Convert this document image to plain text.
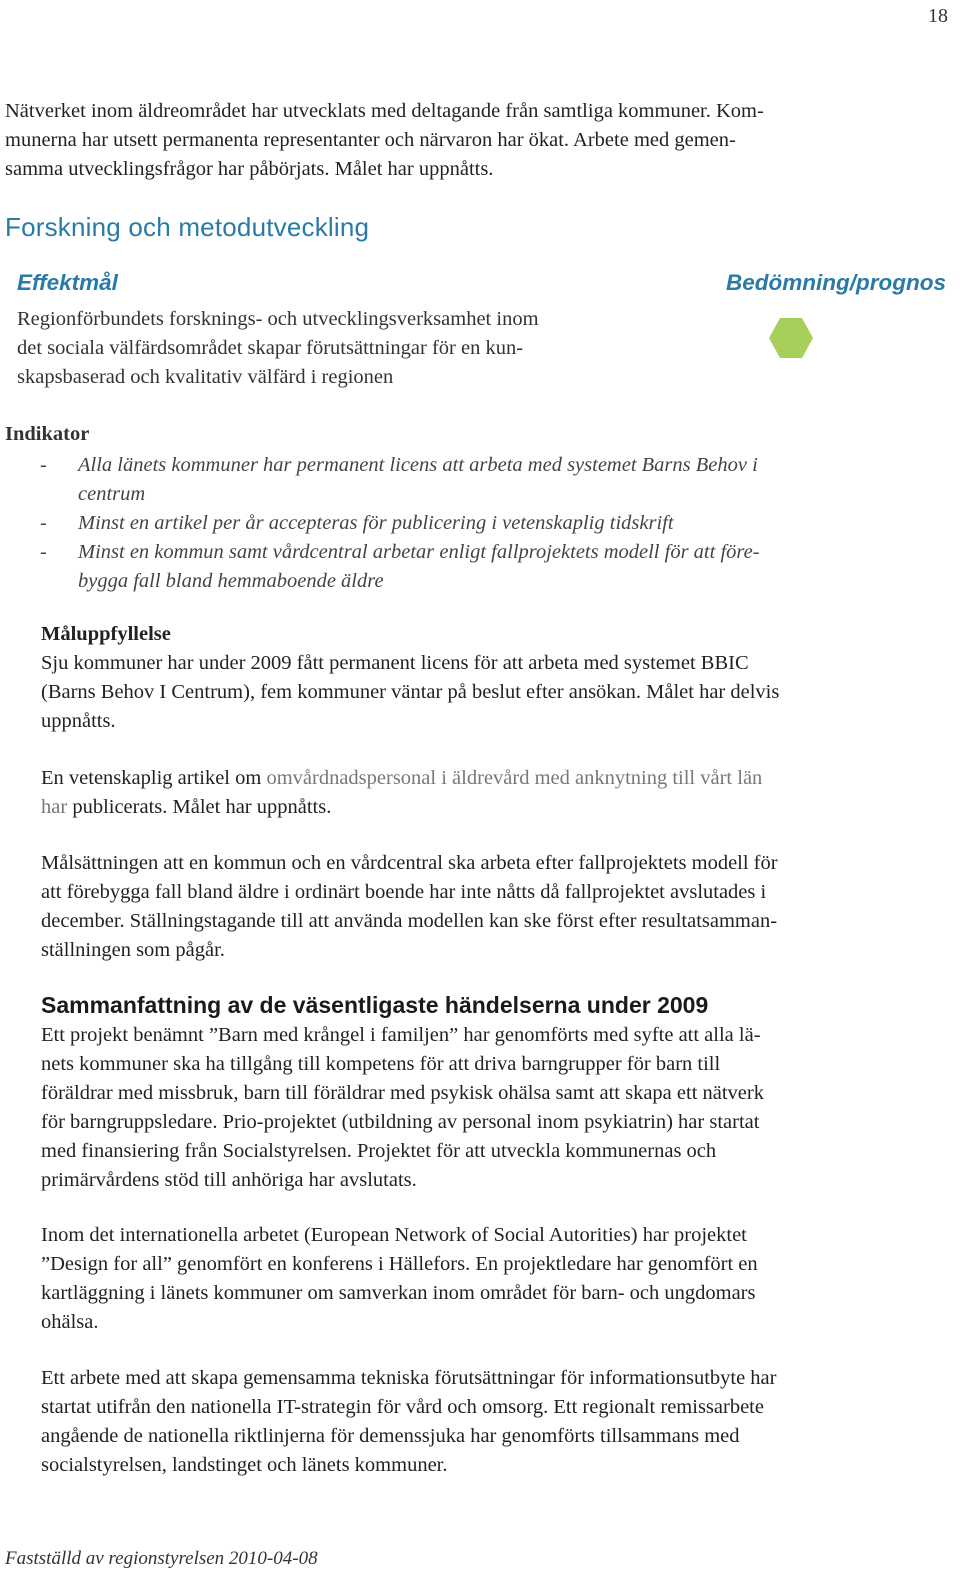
18
Nätverket inom äldreområdet har utvecklats med deltagande från samtliga kommuner. Kom-
munerna har utsett permanenta representanter och närvaron har ökat. Arbete med gemen-
samma utvecklingsfrågor har påbörjats. Målet har uppnåtts.
Forskning och metodutveckling
Effektmål	Bedömning/prognos
Regionförbundets forsknings- och utvecklingsverksamhet inom
det sociala välfärdsområdet skapar förutsättningar för en kun-
skapsbaserad och kvalitativ välfärd i regionen
Indikator
- Alla länets kommuner har permanent licens att arbeta med systemet Barns Behov i
centrum
- Minst en artikel per år accepteras för publicering i vetenskaplig tidskrift
- Minst en kommun samt vårdcentral arbetar enligt fallprojektets modell för att före-
bygga fall bland hemmaboende äldre
Måluppfyllelse
Sju kommuner har under 2009 fått permanent licens för att arbeta med systemet BBIC
(Barns Behov I Centrum), fem kommuner väntar på beslut efter ansökan. Målet har delvis
uppnåtts.
En vetenskaplig artikel om omvårdnadspersonal i äldrevård med anknytning till vårt län
har publicerats. Målet har uppnåtts.
Målsättningen att en kommun och en vårdcentral ska arbeta efter fallprojektets modell för
att förebygga fall bland äldre i ordinärt boende har inte nåtts då fallprojektet avslutades i
december. Ställningstagande till att använda modellen kan ske först efter resultatsamman-
ställningen som pågår.
Sammanfattning av de väsentligaste händelserna under 2009
Ett projekt benämnt ”Barn med krångel i familjen” har genomförts med syfte att alla lä-
nets kommuner ska ha tillgång till kompetens för att driva barngrupper för barn till
föräldrar med missbruk, barn till föräldrar med psykisk ohälsa samt att skapa ett nätverk
för barngruppsledare. Prio-projektet (utbildning av personal inom psykiatrin) har startat
med finansiering från Socialstyrelsen. Projektet för att utveckla kommunernas och
primärvårdens stöd till anhöriga har avslutats.
Inom det internationella arbetet (European Network of Social Autorities) har projektet
”Design for all” genomfört en konferens i Hällefors. En projektledare har genomfört en
kartläggning i länets kommuner om samverkan inom området för barn- och ungdomars
ohälsa.
Ett arbete med att skapa gemensamma tekniska förutsättningar för informationsutbyte har
startat utifrån den nationella IT-strategin för vård och omsorg. Ett regionalt remissarbete
angående de nationella riktlinjerna för demenssjuka har genomförts tillsammans med
socialstyrelsen, landstinget och länets kommuner.
Fastställd av regionstyrelsen 2010-04-08
